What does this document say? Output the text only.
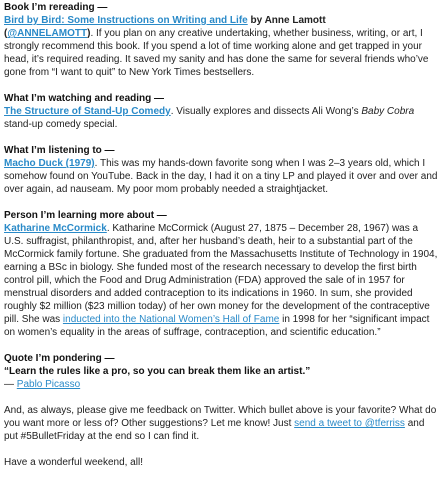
Book I’m rereading —

Bird by Bird: Some Instructions on Writing and Life by Anne Lamott
(@ANNELAMOTT). If you plan on any creative undertaking, whether business, writing, or art, I strongly recommend this book. If you spend a lot of time working alone and get trapped in your head, it’s required reading. It saved my sanity and has done the same for several friends who’ve gone from “I want to quit” to New York Times bestsellers.

What I’m watching and reading —

The Structure of Stand-Up Comedy. Visually explores and dissects Ali Wong’s Baby Cobra stand-up comedy special.

What I’m listening to —

Macho Duck (1979). This was my hands-down favorite song when I was 2–3 years old, which I somehow found on YouTube. Back in the day, I had it on a tiny LP and played it over and over and over again, ad nauseam. My poor mom probably needed a straightjacket.

Person I’m learning more about —

Katharine McCormick. Katharine McCormick (August 27, 1875 – December 28, 1967) was a U.S. suffragist, philanthropist, and, after her husband’s death, heir to a substantial part of the McCormick family fortune. She graduated from the Massachusetts Institute of Technology in 1904, earning a BSc in biology. She funded most of the research necessary to develop the first birth control pill, which the Food and Drug Administration (FDA) approved the sale of in 1957 for menstrual disorders and added contraception to its indications in 1960. In sum, she provided roughly $2 million ($23 million today) of her own money for the development of the contraceptive pill. She was inducted into the National Women’s Hall of Fame in 1998 for her “significant impact on women’s equality in the areas of suffrage, contraception, and scientific education.”

Quote I’m pondering —

“Learn the rules like a pro, so you can break them like an artist.”

— Pablo Picasso

And, as always, please give me feedback on Twitter. Which bullet above is your favorite? What do you want more or less of? Other suggestions? Let me know! Just send a tweet to @tferriss and put #5BulletFriday at the end so I can find it.

Have a wonderful weekend, all!
